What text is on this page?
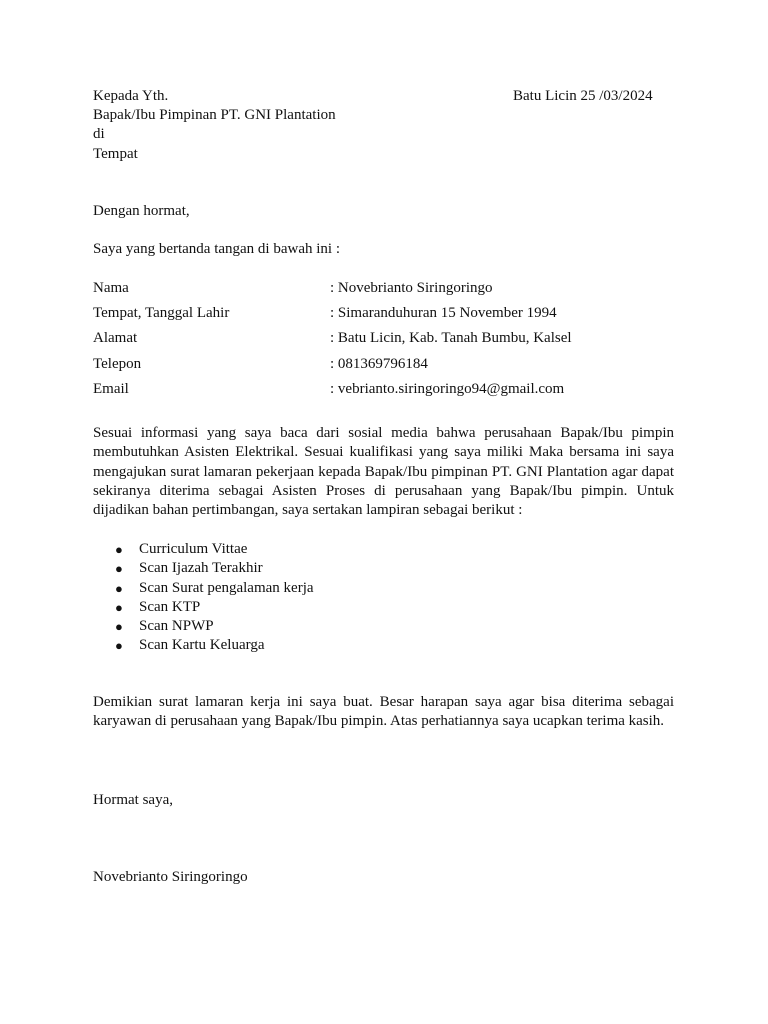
Kepada Yth.	Batu Licin 25 /03/2024
Bapak/Ibu Pimpinan PT. GNI Plantation
di
Tempat
Dengan hormat,
Saya yang bertanda tangan di bawah ini :
Nama	: Novebrianto Siringoringo
Tempat, Tanggal Lahir	: Simaranduhuran 15 November 1994
Alamat	: Batu Licin, Kab. Tanah Bumbu, Kalsel
Telepon	: 081369796184
Email	: vebrianto.siringoringo94@gmail.com

Sesuai informasi yang saya baca dari sosial media bahwa perusahaan Bapak/Ibu pimpin membutuhkan Asisten Elektrikal. Sesuai kualifikasi yang saya miliki Maka bersama ini saya mengajukan surat lamaran pekerjaan kepada Bapak/Ibu pimpinan PT. GNI Plantation agar dapat sekiranya diterima sebagai Asisten Proses di perusahaan yang Bapak/Ibu pimpin. Untuk dijadikan bahan pertimbangan, saya sertakan lampiran sebagai berikut :

● Curriculum Vittae
● Scan Ijazah Terakhir
● Scan Surat pengalaman kerja
● Scan KTP
● Scan NPWP
● Scan Kartu Keluarga

Demikian surat lamaran kerja ini saya buat. Besar harapan saya agar bisa diterima sebagai karyawan di perusahaan yang Bapak/Ibu pimpin. Atas perhatiannya saya ucapkan terima kasih.

Hormat saya,
Novebrianto Siringoringo
